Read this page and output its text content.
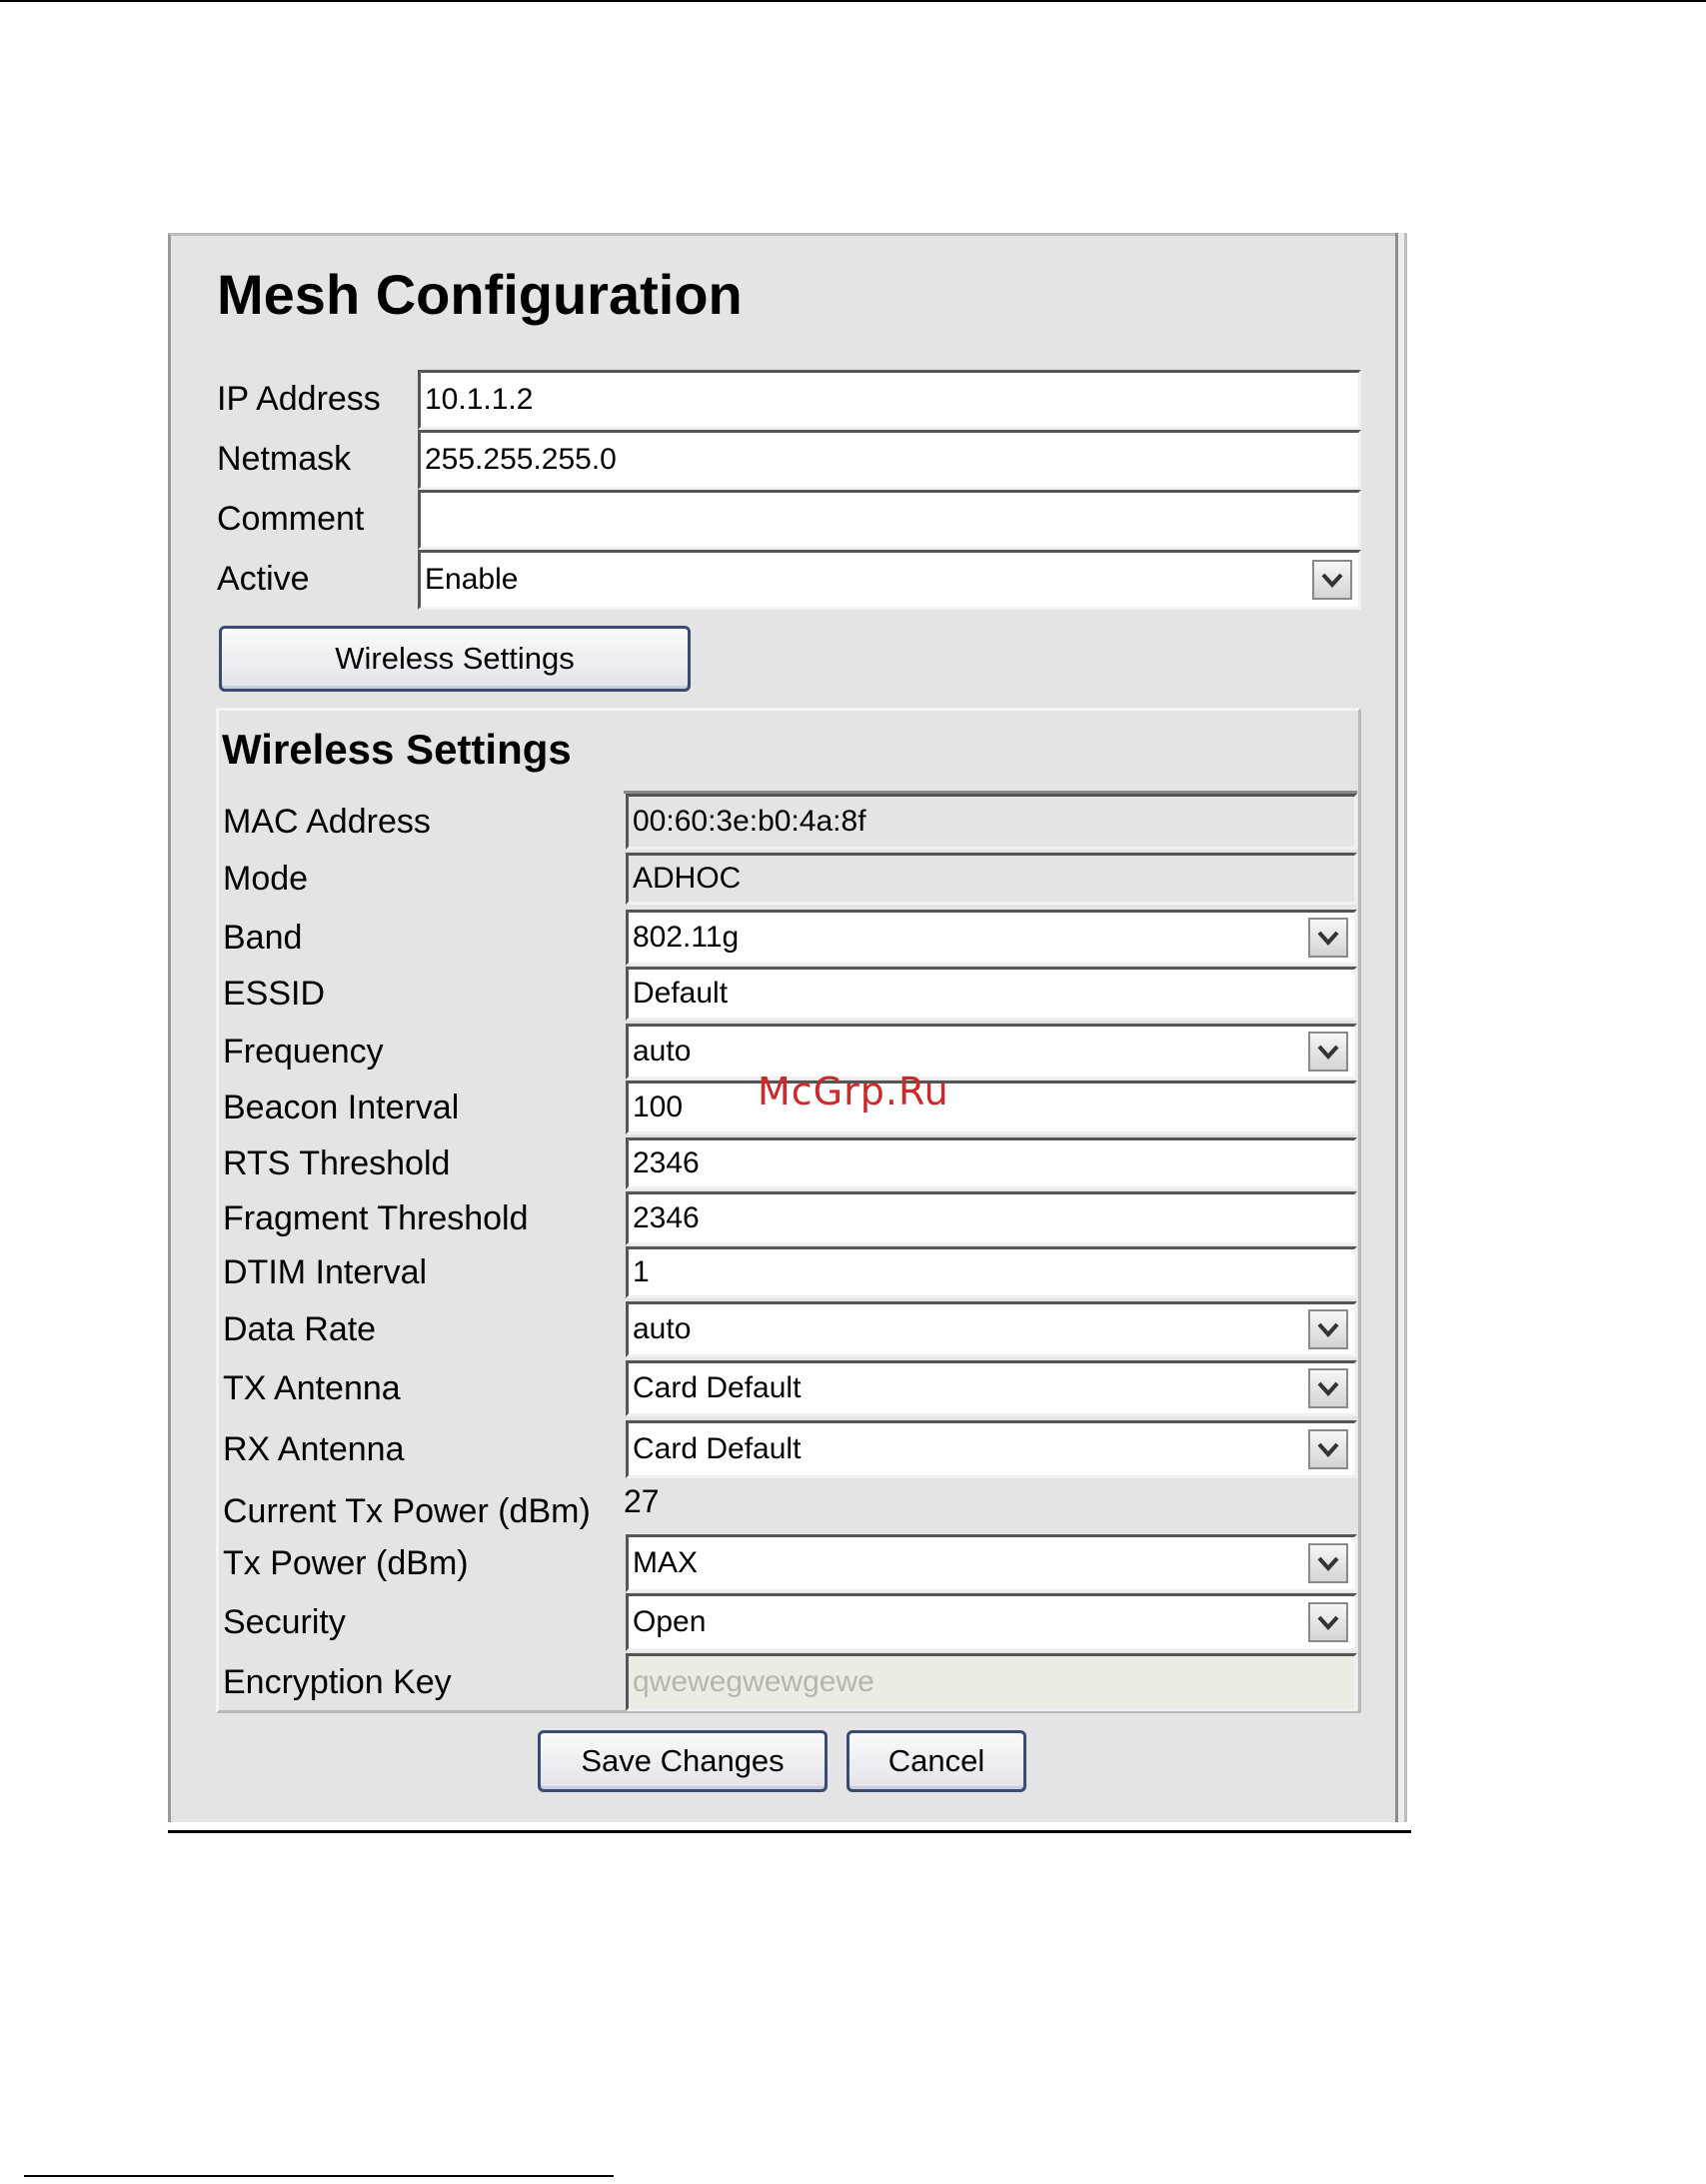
Mesh Configuration
IP Address 10.1.1.2
Netmask 255.255.255.0
Comment
Active	Enable
Wireless Settings
Wireless Settings
MAC Address	00:60:3e:b0:4a:8f
Mode	ADHOC
Band	802.11g
ESSID	Default
Frequency	auto
Beacon Interval	100
RTS Threshold	2346
Fragment Threshold	2346
DTIM Interval	1
Data Rate	auto
TX Antenna	Card Default
RX Antenna	Card Default
Current Tx Power (dBm) 27
Tx Power (dBm)	MAX
Security	Open
Encryption Key	qwewegwewgewe
Save Changes	Cancel
McGrp.Ru
